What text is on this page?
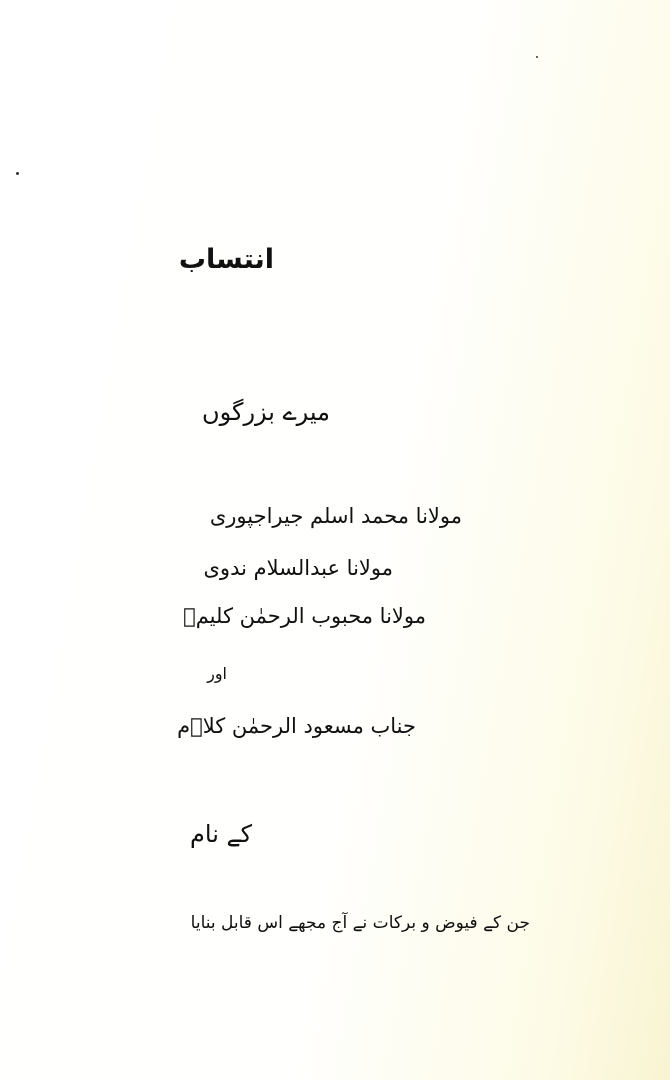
انتساب
میرے بزرگوں
مولانا محمد اسلم جیراجپوری
مولانا عبدالسلام ندوی
مولانا محبوب الرحمٰن کلیمؔ
اور
جناب مسعود الرحمٰن کلاؔم
کے نام
جن کے فیوض و برکات نے آج مجھے اس قابل بنایا
